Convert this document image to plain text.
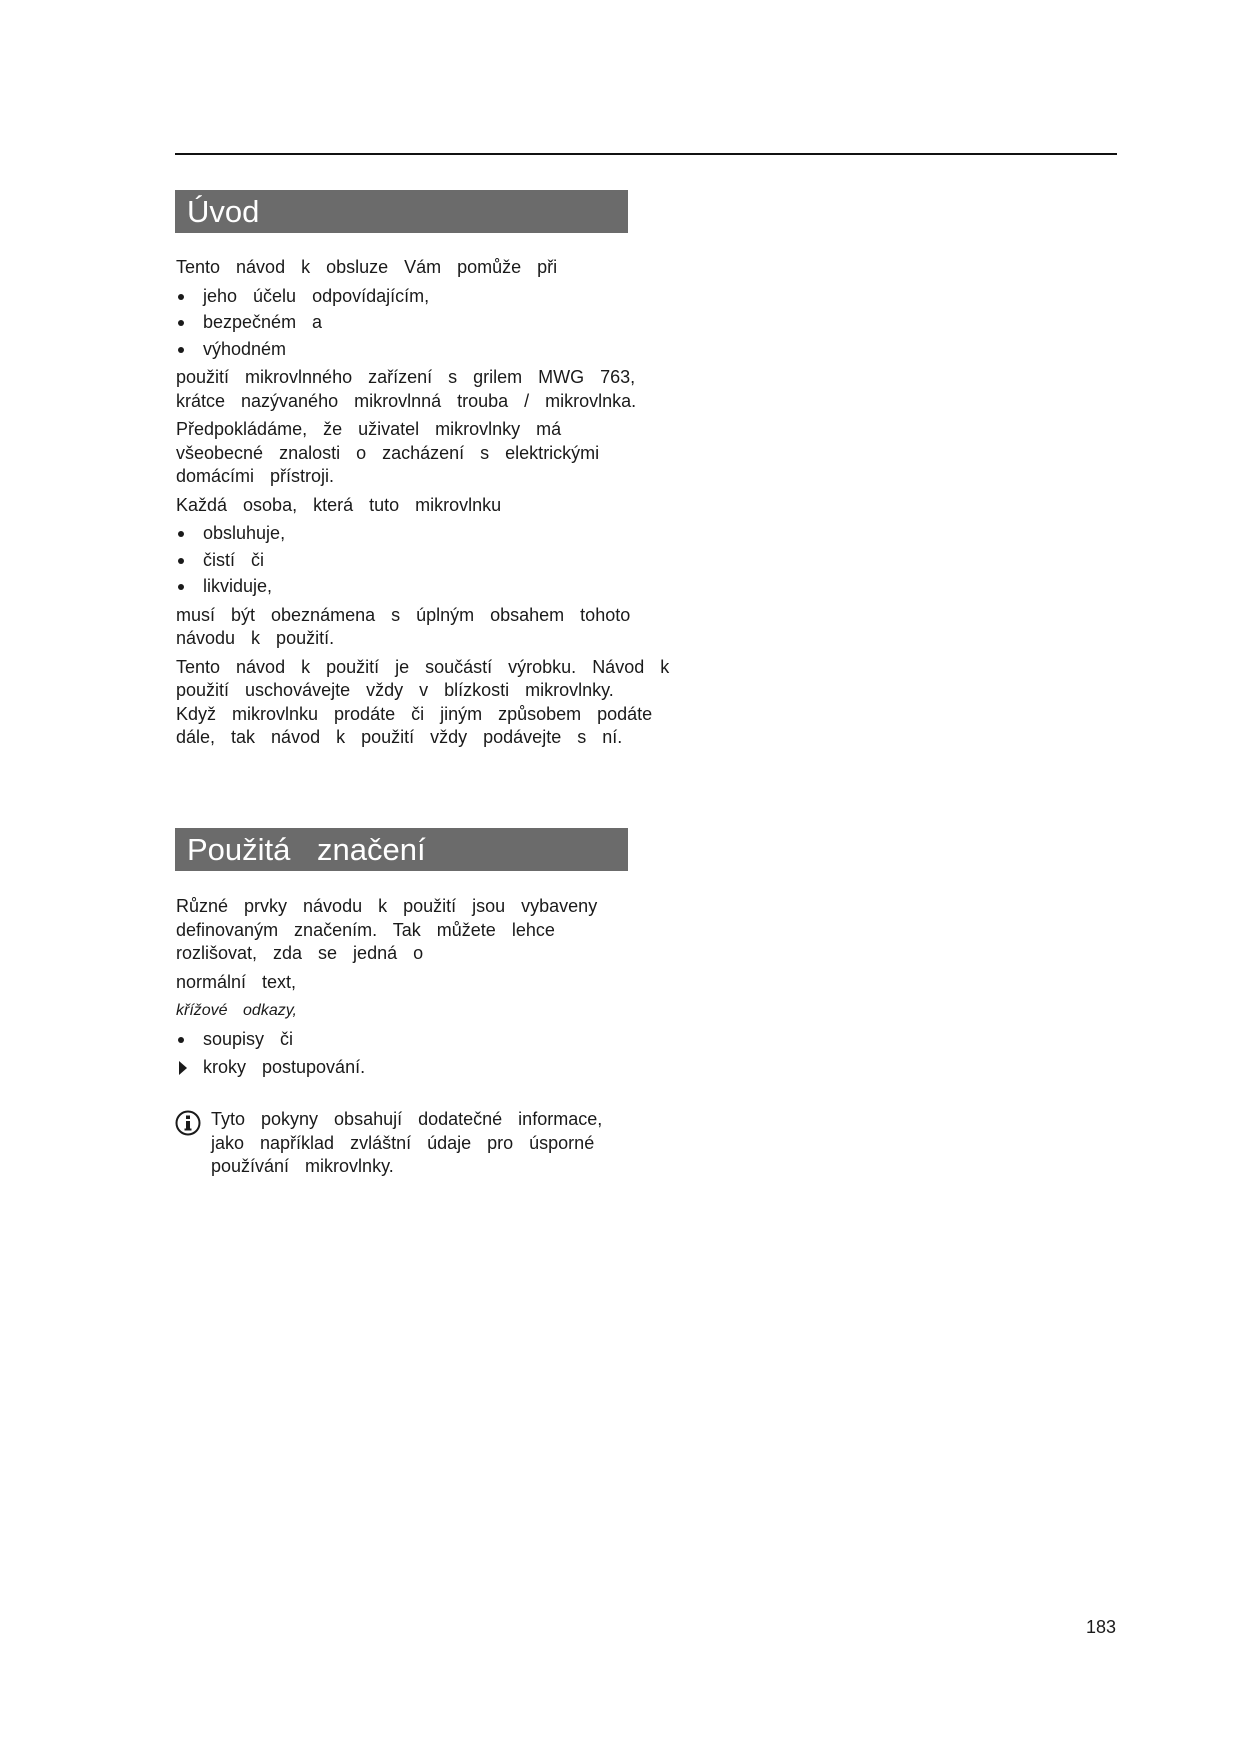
Úvod

Tento návod k obsluze Vám pomůže při

jeho účelu odpovídajícím,
bezpečném a
výhodném

použití mikrovlnného zařízení s grilem MWG 763,
krátce nazývaného mikrovlnná trouba / mikrovlnka.

Předpokládáme, že uživatel mikrovlnky má
všeobecné znalosti o zacházení s elektrickými
domácími přístroji.

Každá osoba, která tuto mikrovlnku

obsluhuje,
čistí či
likviduje,

musí být obeznámena s úplným obsahem tohoto
návodu k použití.

Tento návod k použití je součástí výrobku. Návod k
použití uschovávejte vždy v blízkosti mikrovlnky.
Když mikrovlnku prodáte či jiným způsobem podáte
dále, tak návod k použití vždy podávejte s ní.

Použitá značení

Různé prvky návodu k použití jsou vybaveny
definovaným značením. Tak můžete lehce
rozlišovat, zda se jedná o

normální text,

křížové odkazy,

soupisy či
kroky postupování.
Tyto pokyny obsahují dodatečné informace,
jako například zvláštní údaje pro úsporné
používání mikrovlnky.
183
